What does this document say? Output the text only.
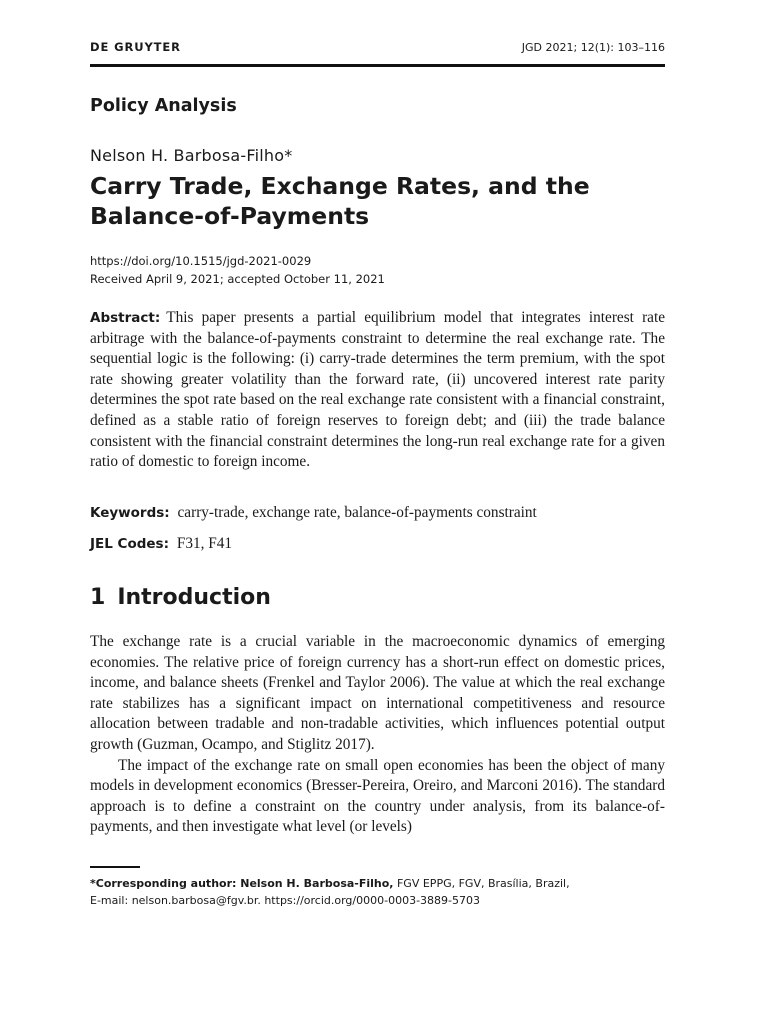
DE GRUYTER	JGD 2021; 12(1): 103–116
Policy Analysis
Nelson H. Barbosa-Filho*
Carry Trade, Exchange Rates, and the Balance-of-Payments
https://doi.org/10.1515/jgd-2021-0029
Received April 9, 2021; accepted October 11, 2021
Abstract: This paper presents a partial equilibrium model that integrates interest rate arbitrage with the balance-of-payments constraint to determine the real exchange rate. The sequential logic is the following: (i) carry-trade determines the term premium, with the spot rate showing greater volatility than the forward rate, (ii) uncovered interest rate parity determines the spot rate based on the real exchange rate consistent with a financial constraint, defined as a stable ratio of foreign reserves to foreign debt; and (iii) the trade balance consistent with the financial constraint determines the long-run real exchange rate for a given ratio of domestic to foreign income.
Keywords: carry-trade, exchange rate, balance-of-payments constraint
JEL Codes: F31, F41
1 Introduction

The exchange rate is a crucial variable in the macroeconomic dynamics of emerging economies. The relative price of foreign currency has a short-run effect on domestic prices, income, and balance sheets (Frenkel and Taylor 2006). The value at which the real exchange rate stabilizes has a significant impact on international competitiveness and resource allocation between tradable and non-tradable activities, which influences potential output growth (Guzman, Ocampo, and Stiglitz 2017).

The impact of the exchange rate on small open economies has been the object of many models in development economics (Bresser-Pereira, Oreiro, and Marconi 2016). The standard approach is to define a constraint on the country under analysis, from its balance-of-payments, and then investigate what level (or levels)

*Corresponding author: Nelson H. Barbosa-Filho, FGV EPPG, FGV, Brasília, Brazil,
E-mail: nelson.barbosa@fgv.br. https://orcid.org/0000-0003-3889-5703
